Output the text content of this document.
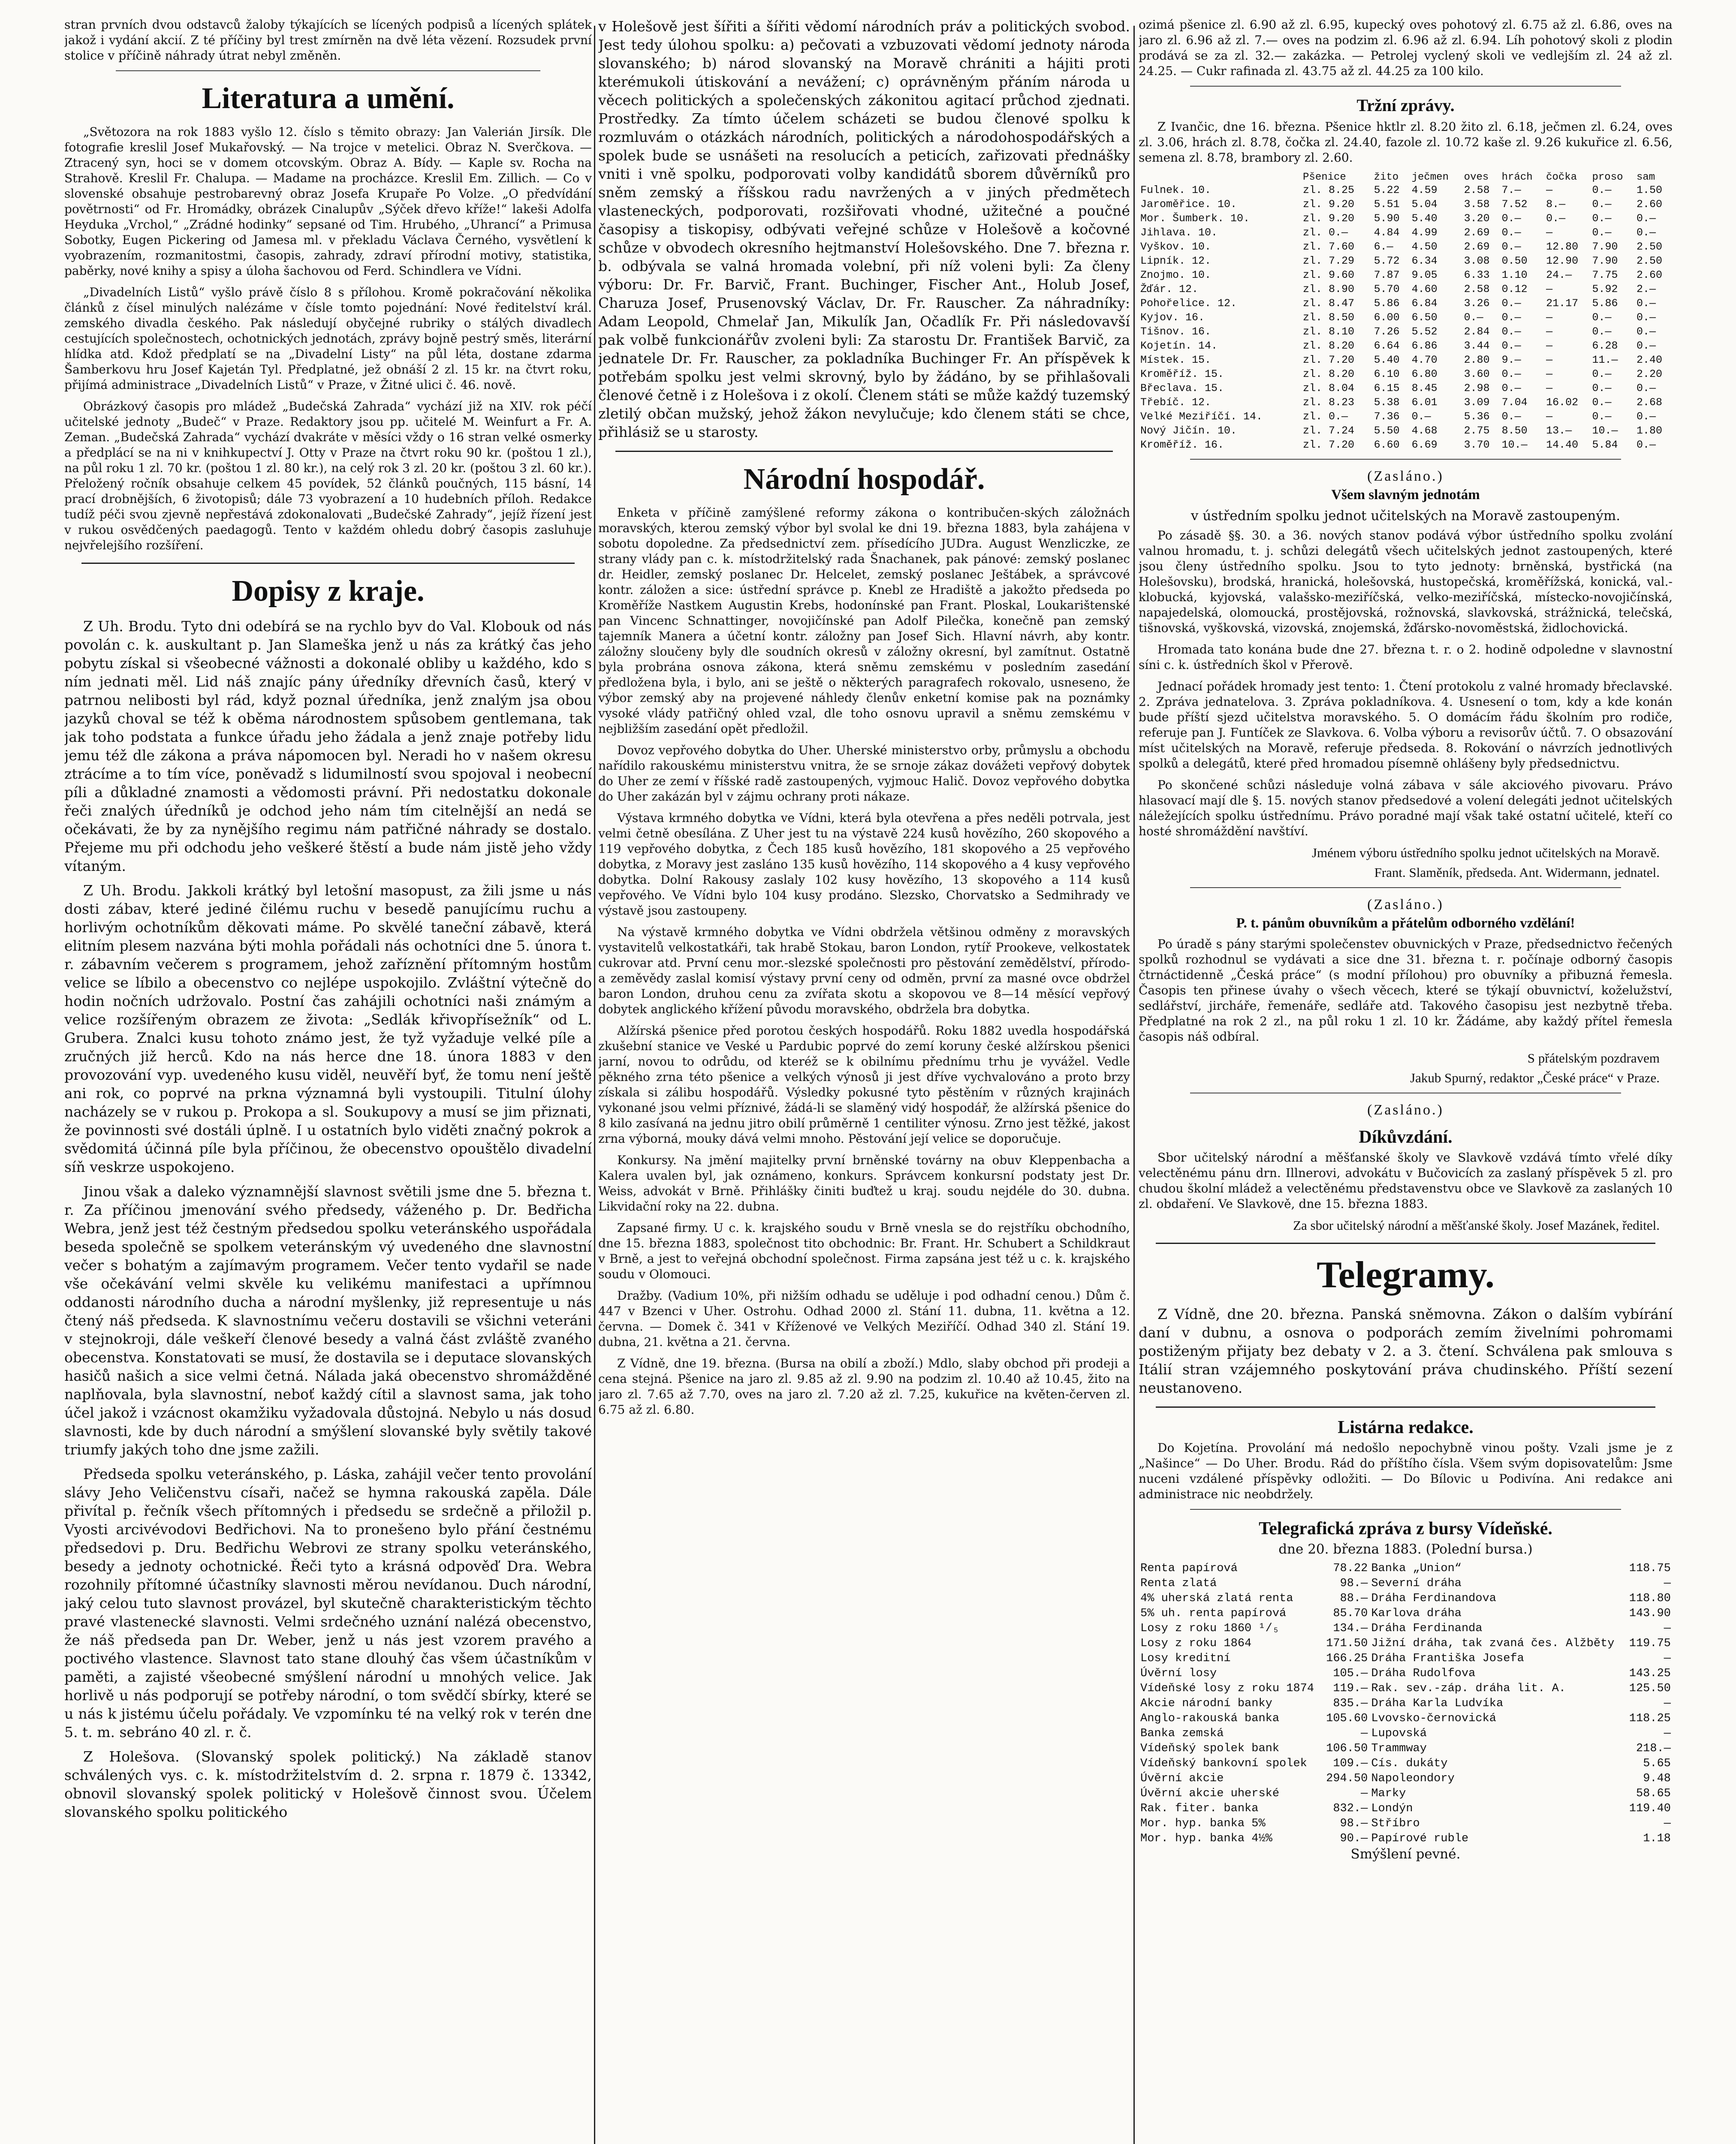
stran prvních dvou odstavců žaloby týkajících se lícených podpisů a lícených splátek jakož i vydání akcií. Z té příčiny byl trest zmírněn na dvě léta vězení. Rozsudek první stolice v příčině náhrady útrat nebyl změněn.

Literatura a umění.

„Světozora na rok 1883 vyšlo 12. číslo s těmito obrazy: Jan Valerián Jirsík. Dle fotografie kreslil Josef Mukařovský. — Na trojce v metelici. Obraz N. Sverčkova. — Ztracený syn, hoci se v domem otcovským. Obraz A. Bídy. — Kaple sv. Rocha na Strahově. Kreslil Fr. Chalupa. — Madame na procházce. Kreslil Em. Zillich. — Co v slovenské obsahuje pestrobarevný obraz Josefa Krupaře Po Volze. „O předvídání povětrnosti“ od Fr. Hromádky, obrázek Cinalupův „Sýček dřevo kříže!“ lakeši Adolfa Heyduka „Vrchol,“ „Zrádné hodinky“ sepsané od Tim. Hrubého, „Uhrancí“ a Primusa Sobotky, Eugen Pickering od Jamesa ml. v překladu Václava Černého, vysvětlení k vyobrazením, rozmanitostmi, časopis, zahrady, zdraví přírodní motivy, statistika, paběrky, nové knihy a spisy a úloha šachovou od Ferd. Schindlera ve Vídni.

„Divadelních Listů“ vyšlo právě číslo 8 s přílohou. Kromě pokračování několika článků z čísel minulých nalézáme v čísle tomto pojednání: Nové ředitelství král. zemského divadla českého. Pak následují obyčejné rubriky o stálých divadlech cestujících společnostech, ochotnických jednotách, zprávy bojně pestrý směs, literární hlídka atd. Kdož předplatí se na „Divadelní Listy“ na půl léta, dostane zdarma Šamberkovu hru Josef Kajetán Tyl. Předplatné, jež obnáší 2 zl. 15 kr. na čtvrt roku, přijímá administrace „Divadelních Listů“ v Praze, v Žitné ulici č. 46. nově.

Obrázkový časopis pro mládež „Budečská Zahrada“ vychází již na XIV. rok péčí učitelské jednoty „Budeč“ v Praze. Redaktory jsou pp. učitelé M. Weinfurt a Fr. A. Zeman. „Budečská Zahrada“ vychází dvakráte v měsíci vždy o 16 stran velké osmerky a předplácí se na ni v knihkupectví J. Otty v Praze na čtvrt roku 90 kr. (poštou 1 zl.), na půl roku 1 zl. 70 kr. (poštou 1 zl. 80 kr.), na celý rok 3 zl. 20 kr. (poštou 3 zl. 60 kr.). Přeložený ročník obsahuje celkem 45 povídek, 52 článků poučných, 115 básní, 14 prací drobnějších, 6 životopisů; dále 73 vyobrazení a 10 hudebních příloh. Redakce tudíž péči svou zjevně nepřestává zdokonalovati „Budečské Zahrady“, jejíž řízení jest v rukou osvědčených paedagogů. Tento v každém ohledu dobrý časopis zasluhuje nejvřelejšího rozšíření.

Dopisy z kraje.

Z Uh. Brodu. Tyto dni odebírá se na rychlo byv do Val. Klobouk od nás povolán c. k. auskultant p. Jan Slameška jenž u nás za krátký čas jeho pobytu získal si všeobecné vážnosti a dokonalé obliby u každého, kdo s ním jednati měl. Lid náš znajíc pány úředníky dřevních časů, který v patrnou nelibosti byl rád, když poznal úředníka, jenž znalým jsa obou jazyků choval se též k oběma národnostem spůsobem gentlemana, tak jak toho podstata a funkce úřadu jeho žádala a jenž znaje potřeby lidu jemu též dle zákona a práva nápomocen byl. Neradi ho v našem okresu ztrácíme a to tím více, poněvadž s lidumilností svou spojoval i neobecní píli a důkladné znamosti a vědomosti právní. Při nedostatku dokonale řeči znalých úředníků je odchod jeho nám tím citelnější an nedá se očekávati, že by za nynějšího regimu nám patřičné náhrady se dostalo. Přejeme mu při odchodu jeho veškeré štěstí a bude nám jistě jeho vždy vítaným.

Z Uh. Brodu. Jakkoli krátký byl letošní masopust, za žili jsme u nás dosti zábav, které jediné čilému ruchu v besedě panujícímu ruchu a horlivým ochotníkům děkovati máme. Po skvělé taneční zábavě, která elitním plesem nazvána býti mohla pořádali nás ochotníci dne 5. února t. r. zábavním večerem s programem, jehož zaříznění přítomným hostům velice se líbilo a obecenstvo co nejlépe uspokojilo. Zvláštní výtečně do hodin nočních udržovalo. Postní čas zahájili ochotníci naši známým a velice rozšířeným obrazem ze života: „Sedlák křivopřísežník“ od L. Grubera. Znalci kusu tohoto známo jest, že tyž vyžaduje velké píle a zručných již herců. Kdo na nás herce dne 18. února 1883 v den provozování vyp. uvedeného kusu viděl, neuvěří byť, že tomu není ještě ani rok, co poprvé na prkna významná byli vystoupili. Titulní úlohy nacházely se v rukou p. Prokopa a sl. Soukupovy a musí se jim přiznati, že povinnosti své dostáli úplně. I u ostatních bylo viděti značný pokrok a svědomitá účinná píle byla příčinou, že obecenstvo opouštělo divadelní síň veskrze uspokojeno.

Jinou však a daleko významnější slavnost světili jsme dne 5. března t. r. Za příčinou jmenování svého předsedy, váženého p. Dr. Bedřicha Webra, jenž jest též čestným předsedou spolku veteránského uspořádala beseda společně se spolkem veteránským vý uvedeného dne slavnostní večer s bohatým a zajímavým programem. Večer tento vydařil se nade vše očekávání velmi skvěle ku velikému manifestaci a upřímnou oddanosti národního ducha a národní myšlenky, již representuje u nás čtený náš předseda. K slavnostnímu večeru dostavili se všichni veteráni v stejnokroji, dále veškeří členové besedy a valná část zvláště zvaného obecenstva. Konstatovati se musí, že dostavila se i deputace slovanských hasičů našich a sice velmi četná. Nálada jaká obecenstvo shromážděné naplňovala, byla slavnostní, neboť každý cítil a slavnost sama, jak toho účel jakož i vzácnost okamžiku vyžadovala důstojná. Nebylo u nás dosud slavnosti, kde by duch národní a smýšlení slovanské byly světily takové triumfy jakých toho dne jsme zažili.

Předseda spolku veteránského, p. Láska, zahájil večer tento provolání slávy Jeho Veličenstvu císaři, načež se hymna rakouská zapěla. Dále přivítal p. řečník všech přítomných i předsedu se srdečně a přiložil p. Vyosti arcivévodovi Bedřichovi. Na to pronešeno bylo přání čestnému předsedovi p. Dru. Bedřichu Webrovi ze strany spolku veteránského, besedy a jednoty ochotnické. Řeči tyto a krásná odpověď Dra. Webra rozohnily přítomné účastníky slavnosti měrou nevídanou. Duch národní, jaký celou tuto slavnost provázel, byl skutečně charakteristickým těchto pravé vlastenecké slavnosti. Velmi srdečného uznání nalézá obecenstvo, že náš předseda pan Dr. Weber, jenž u nás jest vzorem pravého a poctivého vlastence. Slavnost tato stane dlouhý čas všem účastníkům v paměti, a zajisté všeobecné smýšlení národní u mnohých velice. Jak horlivě u nás podporují se potřeby národní, o tom svědčí sbírky, které se u nás k jistému účelu pořádaly. Ve vzpomínku té na velký rok v terén dne 5. t. m. sebráno 40 zl. r. č.

Z Holešova. (Slovanský spolek politický.) Na základě stanov schválených vys. c. k. místodržitelstvím d. 2. srpna r. 1879 č. 13342, obnovil slovanský spolek politický v Holešově činnost svou. Účelem slovanského spolku politického

v Holešově jest šířiti a šířiti vědomí národních práv a politických svobod. Jest tedy úlohou spolku: a) pečovati a vzbuzovati vědomí jednoty národa slovanského; b) národ slovanský na Moravě chrániti a hájiti proti kterémukoli útiskování a nevážení; c) oprávněným přáním národa u věcech politických a společenských zákonitou agitací průchod zjednati. Prostředky. Za tímto účelem scházeti se budou členové spolku k rozmluvám o otázkách národních, politických a národohospodářských a spolek bude se usnášeti na resolucích a peticích, zařizovati přednášky vniti i vně spolku, podporovati volby kandidátů sborem důvěrníků pro sněm zemský a říšskou radu navržených a v jiných předmětech vlasteneckých, podporovati, rozšiřovati vhodné, užitečné a poučné časopisy a tiskopisy, odbývati veřejné schůze v Holešově a kočovné schůze v obvodech okresního hejtmanství Holešovského. Dne 7. března r. b. odbývala se valná hromada volební, při níž voleni byli: Za členy výboru: Dr. Fr. Barvič, Frant. Buchinger, Fischer Ant., Holub Josef, Charuza Josef, Prusenovský Václav, Dr. Fr. Rauscher. Za náhradníky: Adam Leopold, Chmelař Jan, Mikulík Jan, Očadlík Fr. Při následovavší pak volbě funkcionářův zvoleni byli: Za starostu Dr. František Barvič, za jednatele Dr. Fr. Rauscher, za pokladníka Buchinger Fr. An příspěvek k potřebám spolku jest velmi skrovný, bylo by žádáno, by se přihlašovali členové četně i z Holešova i z okolí. Členem státi se může každý tuzemský zletilý občan mužský, jehož žákon nevylučuje; kdo členem státi se chce, přihlásiž se u starosty.

Národní hospodář.

Enketa v příčině zamýšlené reformy zákona o kontribučen-ských záložnách moravských, kterou zemský výbor byl svolal ke dni 19. března 1883, byla zahájena v sobotu dopoledne. Za předsednictví zem. přísedícího JUDra. August Wenzliczke, ze strany vlády pan c. k. místodržitelský rada Šnachanek, pak pánové: zemský poslanec dr. Heidler, zemský poslanec Dr. Helcelet, zemský poslanec Ještábek, a správcové kontr. záložen a sice: ústřední správce p. Knebl ze Hradiště a jakožto předseda po Kroměříže Nastkem Augustin Krebs, hodonínské pan Frant. Ploskal, Loukarištenské pan Vincenc Schnattinger, novojičínské pan Adolf Pilečka, konečně pan zemský tajemník Manera a účetní kontr. záložny pan Josef Sich. Hlavní návrh, aby kontr. záložny sloučeny byly dle soudních okresů v záložny okresní, byl zamítnut. Ostatně byla probrána osnova zákona, která sněmu zemskému v posledním zasedání předložena byla, i bylo, ani se ještě o některých paragrafech rokovalo, usneseno, že výbor zemský aby na projevené náhledy členův enketní komise pak na poznámky vysoké vlády patřičný ohled vzal, dle toho osnovu upravil a sněmu zemskému v nejbližším zasedání opět předložil.

Dovoz vepřového dobytka do Uher. Uherské ministerstvo orby, průmyslu a obchodu nařídilo rakouskému ministerstvu vnitra, že se srnoje zákaz dovážeti vepřový dobytek do Uher ze zemí v říšské radě zastoupených, vyjmouc Halič. Dovoz vepřového dobytka do Uher zakázán byl v zájmu ochrany proti nákaze.

Výstava krmného dobytka ve Vídni, která byla otevřena a přes neděli potrvala, jest velmi četně obesílána. Z Uher jest tu na výstavě 224 kusů hovězího, 260 skopového a 119 vepřového dobytka, z Čech 185 kusů hovězího, 181 skopového a 25 vepřového dobytka, z Moravy jest zasláno 135 kusů hovězího, 114 skopového a 4 kusy vepřového dobytka. Dolní Rakousy zaslaly 102 kusy hovězího, 13 skopového a 114 kusů vepřového. Ve Vídni bylo 104 kusy prodáno. Slezsko, Chorvatsko a Sedmihrady ve výstavě jsou zastoupeny.

Na výstavě krmného dobytka ve Vídni obdržela většinou odměny z moravských vystavitelů velkostatkáři, tak hrabě Stokau, baron London, rytíř Prookeve, velkostatek cukrovar atd. První cenu mor.-slezské společnosti pro pěstování zemědělství, přírodo- a zeměvědy zaslal komisí výstavy první ceny od odměn, první za masné ovce obdržel baron London, druhou cenu za zvířata skotu a skopovou ve 8—14 měsící vepřový dobytek anglického křížení původu moravského, obdržela bra dobytka.

Alžírská pšenice před porotou českých hospodářů. Roku 1882 uvedla hospodářská zkušební stanice ve Veské u Pardubic poprvé do zemí koruny české alžírskou pšenici jarní, novou to odrůdu, od kteréž se k obilnímu přednímu trhu je vyvážel. Vedle pěkného zrna této pšenice a velkých výnosů ji jest dříve vychvalováno a proto brzy získala si zálibu hospodářů. Výsledky pokusné tyto pěstěním v různých krajinách vykonané jsou velmi příznivé, žádá-li se slaměný vidý hospodář, že alžírská pšenice do 8 kilo zasívaná na jednu jitro obilí průměrně 1 centiliter výnosu. Zrno jest těžké, jakost zrna výborná, mouky dává velmi mnoho. Pěstování její velice se doporučuje.

Konkursy. Na jmění majitelky první brněnské továrny na obuv Kleppenbacha a Kalera uvalen byl, jak oznámeno, konkurs. Správcem konkursní podstaty jest Dr. Weiss, advokát v Brně. Přihlášky činiti buďtež u kraj. soudu nejdéle do 30. dubna. Likvidační roky na 22. dubna.

Zapsané firmy. U c. k. krajského soudu v Brně vnesla se do rejstříku obchodního, dne 15. března 1883, společnost tito obchodnic: Br. Frant. Hr. Schubert a Schildkraut v Brně, a jest to veřejná obchodní společnost. Firma zapsána jest též u c. k. krajského soudu v Olomouci.

Dražby. (Vadium 10%, při nižším odhadu se uděluje i pod odhadní cenou.) Dům č. 447 v Bzenci v Uher. Ostrohu. Odhad 2000 zl. Stání 11. dubna, 11. května a 12. června. — Domek č. 341 v Kříženové ve Velkých Meziříčí. Odhad 340 zl. Stání 19. dubna, 21. května a 21. června.

Z Vídně, dne 19. března. (Bursa na obilí a zboží.) Mdlo, slaby obchod při prodeji a cena stejná. Pšenice na jaro zl. 9.85 až zl. 9.90 na podzim zl. 10.40 až 10.45, žito na jaro zl. 7.65 až 7.70, oves na jaro zl. 7.20 až zl. 7.25, kukuřice na květen-červen zl. 6.75 až zl. 6.80.

ozimá pšenice zl. 6.90 až zl. 6.95, kupecký oves pohotový zl. 6.75 až zl. 6.86, oves na jaro zl. 6.96 až zl. 7.— oves na podzim zl. 6.96 až zl. 6.94. Líh pohotový skoli z plodin prodává se za zl. 32.— zakázka. — Petrolej vyclený skoli ve vedlejším zl. 24 až zl. 24.25. — Cukr rafinada zl. 43.75 až zl. 44.25 za 100 kilo.

Tržní zprávy.

Z Ivančic, dne 16. března. Pšenice hktlr zl. 8.20 žito zl. 6.18, ječmen zl. 6.24, oves zl. 3.06, hrách zl. 8.78, čočka zl. 24.40, fazole zl. 10.72 kaše zl. 9.26 kukuřice zl. 6.56, semena zl. 8.78, brambory zl. 2.60.

	Pšenice	žito	ječmen	oves	hrách	čočka	proso	sam
Fulnek. 10.	zl. 8.25	5.22	4.59	2.58	7.—	—	0.—	1.50
Jaroměřice. 10.	zl. 9.20	5.51	5.04	3.58	7.52	8.—	0.—	2.60
Mor. Šumberk. 10.	zl. 9.20	5.90	5.40	3.20	0.—	0.—	0.—	0.—
Jihlava. 10.	zl. 0.—	4.84	4.99	2.69	0.—	—	0.—	0.—
Vyškov. 10.	zl. 7.60	6.—	4.50	2.69	0.—	12.80	7.90	2.50
Lipník. 12.	zl. 7.29	5.72	6.34	3.08	0.50	12.90	7.90	2.50
Znojmo. 10.	zl. 9.60	7.87	9.05	6.33	1.10	24.—	7.75	2.60
Žďár. 12.	zl. 8.90	5.70	4.60	2.58	0.12	—	5.92	2.—
Pohořelice. 12.	zl. 8.47	5.86	6.84	3.26	0.—	21.17	5.86	0.—
Kyjov. 16.	zl. 8.50	6.00	6.50	0.—	0.—	—	0.—	0.—
Tišnov. 16.	zl. 8.10	7.26	5.52	2.84	0.—	—	0.—	0.—
Kojetín. 14.	zl. 8.20	6.64	6.86	3.44	0.—	—	6.28	0.—
Místek. 15.	zl. 7.20	5.40	4.70	2.80	9.—	—	11.—	2.40
Kroměříž. 15.	zl. 8.20	6.10	6.80	3.60	0.—	—	0.—	2.20
Břeclava. 15.	zl. 8.04	6.15	8.45	2.98	0.—	—	0.—	0.—
Třebíč. 12.	zl. 8.23	5.38	6.01	3.09	7.04	16.02	0.—	2.68
Velké Meziříčí. 14.	zl. 0.—	7.36	0.—	5.36	0.—	—	0.—	0.—
Nový Jičín. 10.	zl. 7.24	5.50	4.68	2.75	8.50	13.—	10.—	1.80
Kroměříž. 16.	zl. 7.20	6.60	6.69	3.70	10.—	14.40	5.84	0.—
(Zasláno.)
Všem slavným jednotám
v ústředním spolku jednot učitelských na Moravě zastoupeným.

Po zásadě §§. 30. a 36. nových stanov podává výbor ústředního spolku zvolání valnou hromadu, t. j. schůzi delegátů všech učitelských jednot zastoupených, které jsou členy ústředního spolku. Jsou to tyto jednoty: brněnská, bystřická (na Holešovsku), brodská, hranická, holešovská, hustopečská, kroměřížská, konická, val.-klobucká, kyjovská, valašsko-meziříčská, velko-meziříčská, místecko-novojičínská, napajedelská, olomoucká, prostějovská, rožnovská, slavkovská, strážnická, telečská, tišnovská, vyškovská, vizovská, znojemská, žďársko-novoměstská, židlochovická.

Hromada tato konána bude dne 27. března t. r. o 2. hodině odpoledne v slavnostní síni c. k. ústředních škol v Přerově.

Jednací pořádek hromady jest tento: 1. Čtení protokolu z valné hromady břeclavské. 2. Zpráva jednatelova. 3. Zpráva pokladníkova. 4. Usnesení o tom, kdy a kde konán bude příští sjezd učitelstva moravského. 5. O domácím řádu školním pro rodiče, referuje pan J. Funtíček ze Slavkova. 6. Volba výboru a revisorův účtů. 7. O obsazování míst učitelských na Moravě, referuje předseda. 8. Rokování o návrzích jednotlivých spolků a delegátů, které před hromadou písemně ohlášeny byly předsednictvu.

Po skončené schůzi následuje volná zábava v sále akciového pivovaru. Právo hlasovací mají dle §. 15. nových stanov předsedové a volení delegáti jednot učitelských náležejících spolku ústřednímu. Právo poradné mají však také ostatní učitelé, kteří co hosté shromáždění navštíví.

Jménem výboru ústředního spolku jednot učitelských na Moravě.
Frant. Slaměník, předseda. Ant. Widermann, jednatel.
(Zasláno.)
P. t. pánům obuvníkům a přátelům odborného vzdělání!

Po úradě s pány starými společenstev obuvnických v Praze, předsednictvo řečených spolků rozhodnul se vydávati a sice dne 31. března t. r. počínaje odborný časopis čtrnáctidenně „Česká práce“ (s modní přílohou) pro obuvníky a přibuzná řemesla. Časopis ten přinese úvahy o všech věcech, které se týkají obuvnictví, koželužství, sedlářství, jircháře, řemenáře, sedláře atd. Takového časopisu jest nezbytně třeba. Předplatné na rok 2 zl., na půl roku 1 zl. 10 kr. Žádáme, aby každý přítel řemesla časopis náš odbíral.

S přátelským pozdravem
Jakub Spurný, redaktor „České práce“ v Praze.
(Zasláno.)
Díkůvzdání.

Sbor učitelský národní a měšťanské školy ve Slavkově vzdává tímto vřelé díky velectěnému pánu drn. Illnerovi, advokátu v Bučovicích za zaslaný příspěvek 5 zl. pro chudou školní mládež a velectěnému představenstvu obce ve Slavkově za zaslaných 10 zl. obdaření. Ve Slavkově, dne 15. března 1883.

Za sbor učitelský národní a měšťanské školy. Josef Mazánek, ředitel.
Telegramy.

Z Vídně, dne 20. března. Panská sněmovna. Zákon o dalším vybírání daní v dubnu, a osnova o podporách zemím živelními pohromami postiženým přijaty bez debaty v 2. a 3. čtení. Schválena pak smlouva s Itálií stran vzájemného poskytování práva chudinského. Příští sezení neustanoveno.

Listárna redakce.

Do Kojetína. Provolání má nedošlo nepochybně vinou pošty. Vzali jsme je z „Našince“ — Do Uher. Brodu. Rád do příštího čísla. Všem svým dopisovatelům: Jsme nuceni vzdálené příspěvky odložiti. — Do Bílovic u Podivína. Ani redakce ani administrace nic neobdržely.

Telegrafická zpráva z bursy Vídeňské.
dne 20. března 1883. (Polední bursa.)
Renta papírová	78.22	Banka „Union“	118.75
Renta zlatá	98.—	Severní dráha	—
4% uherská zlatá renta	88.—	Dráha Ferdinandova	118.80
5% uh. renta papírová	85.70	Karlova dráha	143.90
Losy z roku 1860 ¹/₅	134.—	Dráha Ferdinanda	—
Losy z roku 1864	171.50	Jižní dráha, tak zvaná čes. Alžběty	119.75
Losy kreditní	166.25	Dráha Františka Josefa	—
Úvěrní losy	105.—	Dráha Rudolfova	143.25
Vídeňské losy z roku 1874	119.—	Rak. sev.-záp. dráha lit. A.	125.50
Akcie národní banky	835.—	Dráha Karla Ludvíka	—
Anglo-rakouská banka	105.60	Lvovsko-černovická	118.25
Banka zemská	—	Lupovská	—
Vídeňský spolek bank	106.50	Trammway	218.—
Vídeňský bankovní spolek	109.—	Cís. dukáty	5.65
Úvěrní akcie	294.50	Napoleondory	9.48
Úvěrní akcie uherské	—	Marky	58.65
Rak. fiter. banka	832.—	Londýn	119.40
Mor. hyp. banka 5%	98.—	Stříbro	—
Mor. hyp. banka 4½%	90.—	Papírové ruble	1.18
Smýšlení pevné.
